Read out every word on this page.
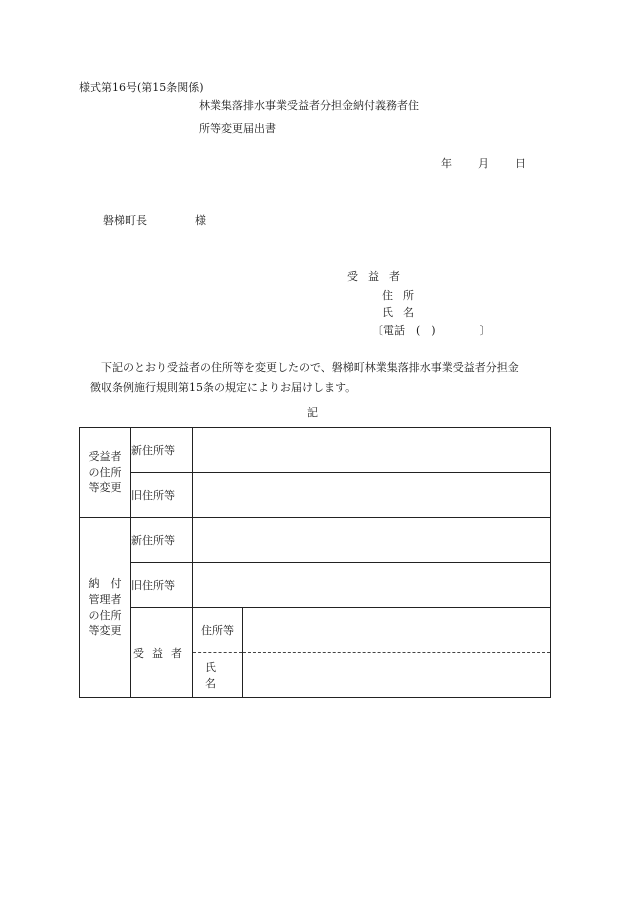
様式第16号(第15条関係)
林業集落排水事業受益者分担金納付義務者住
所等変更届出書
年 月 日
磐梯町長	様
受益者
住所
氏名
〔電話　(　)　　　　〕
下記のとおり受益者の住所等を変更したので、磐梯町林業集落排水事業受益者分担金
徴収条例施行規則第15条の規定によりお届けします。
記
受益者
の住所
等変更	新住所等		
	旧住所等		

納　付
管理者
の住所
等変更	新住所等		
	旧住所等		
	受益者	住所等	
		氏名	
